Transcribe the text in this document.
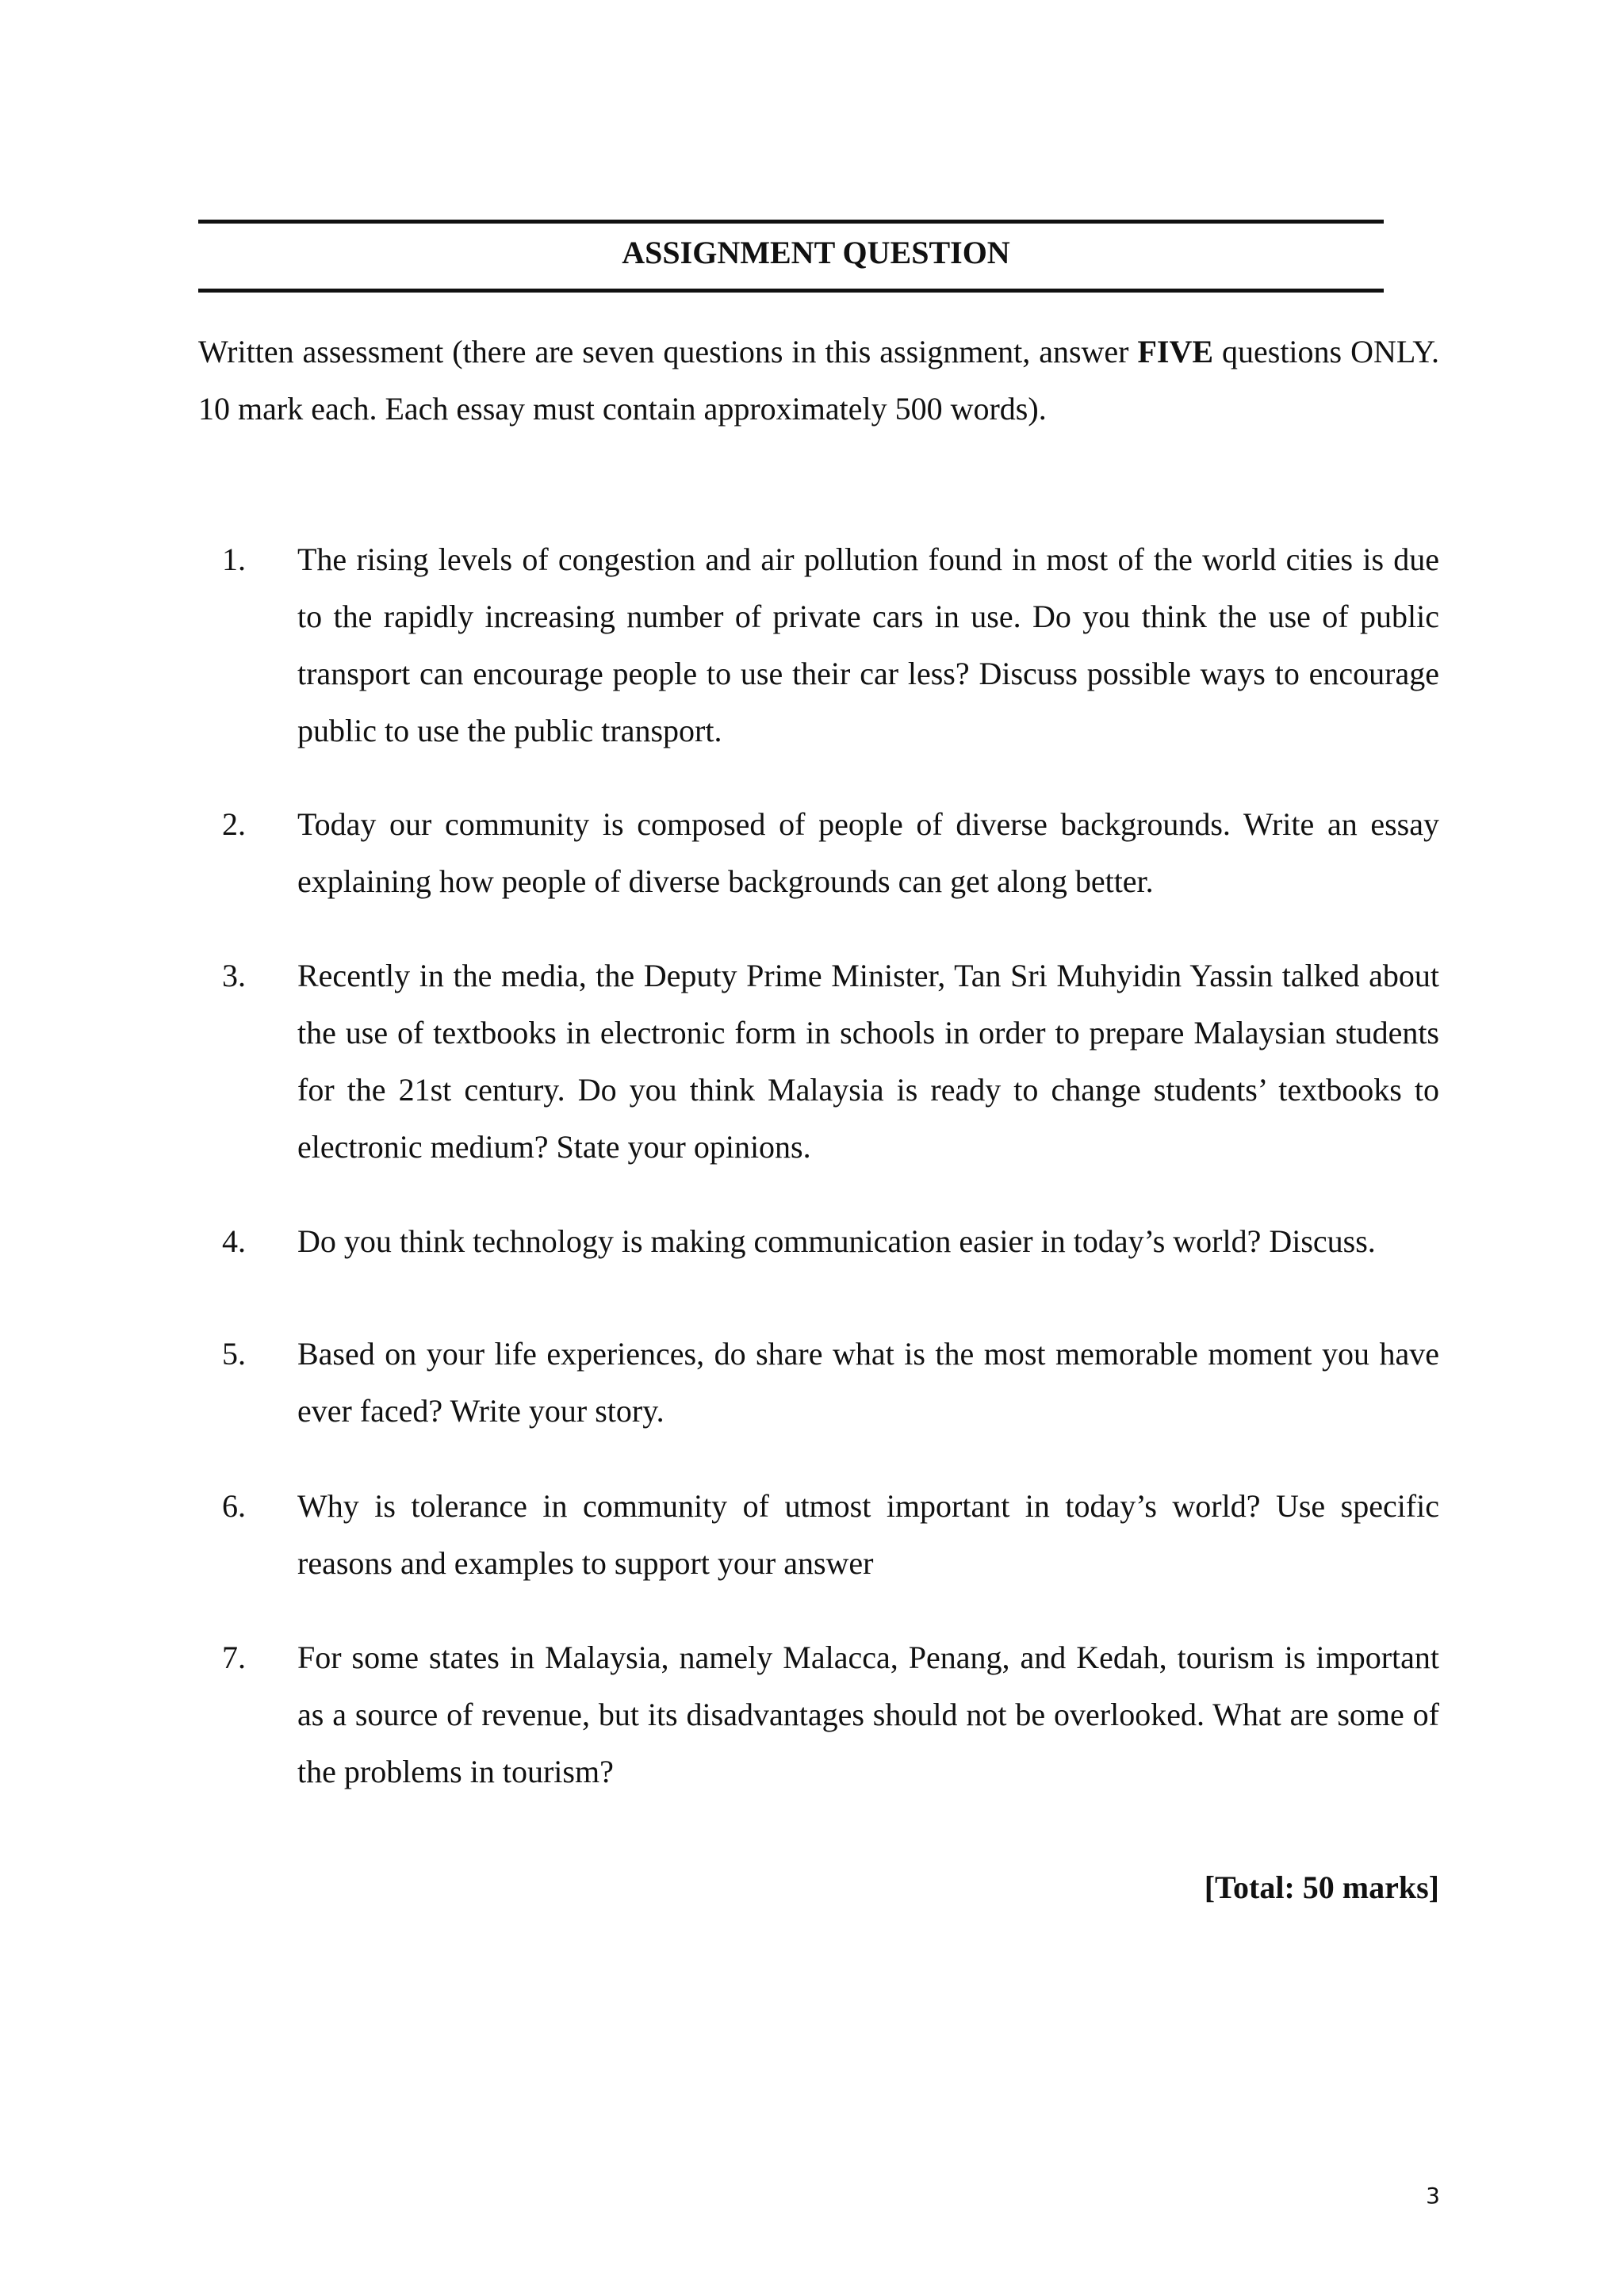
ASSIGNMENT QUESTION

Written assessment (there are seven questions in this assignment, answer FIVE questions ONLY. 10 mark each. Each essay must contain approximately 500 words).

1. The rising levels of congestion and air pollution found in most of the world cities is due to the rapidly increasing number of private cars in use. Do you think the use of public transport can encourage people to use their car less? Discuss possible ways to encourage public to use the public transport.
2. Today our community is composed of people of diverse backgrounds. Write an essay explaining how people of diverse backgrounds can get along better.
3. Recently in the media, the Deputy Prime Minister, Tan Sri Muhyidin Yassin talked about the use of textbooks in electronic form in schools in order to prepare Malaysian students for the 21st century. Do you think Malaysia is ready to change students’ textbooks to electronic medium? State your opinions.
4. Do you think technology is making communication easier in today’s world? Discuss.
5. Based on your life experiences, do share what is the most memorable moment you have ever faced? Write your story.
6. Why is tolerance in community of utmost important in today’s world? Use specific reasons and examples to support your answer
7. For some states in Malaysia, namely Malacca, Penang, and Kedah, tourism is important as a source of revenue, but its disadvantages should not be overlooked. What are some of the problems in tourism?
[Total: 50 marks]
3
